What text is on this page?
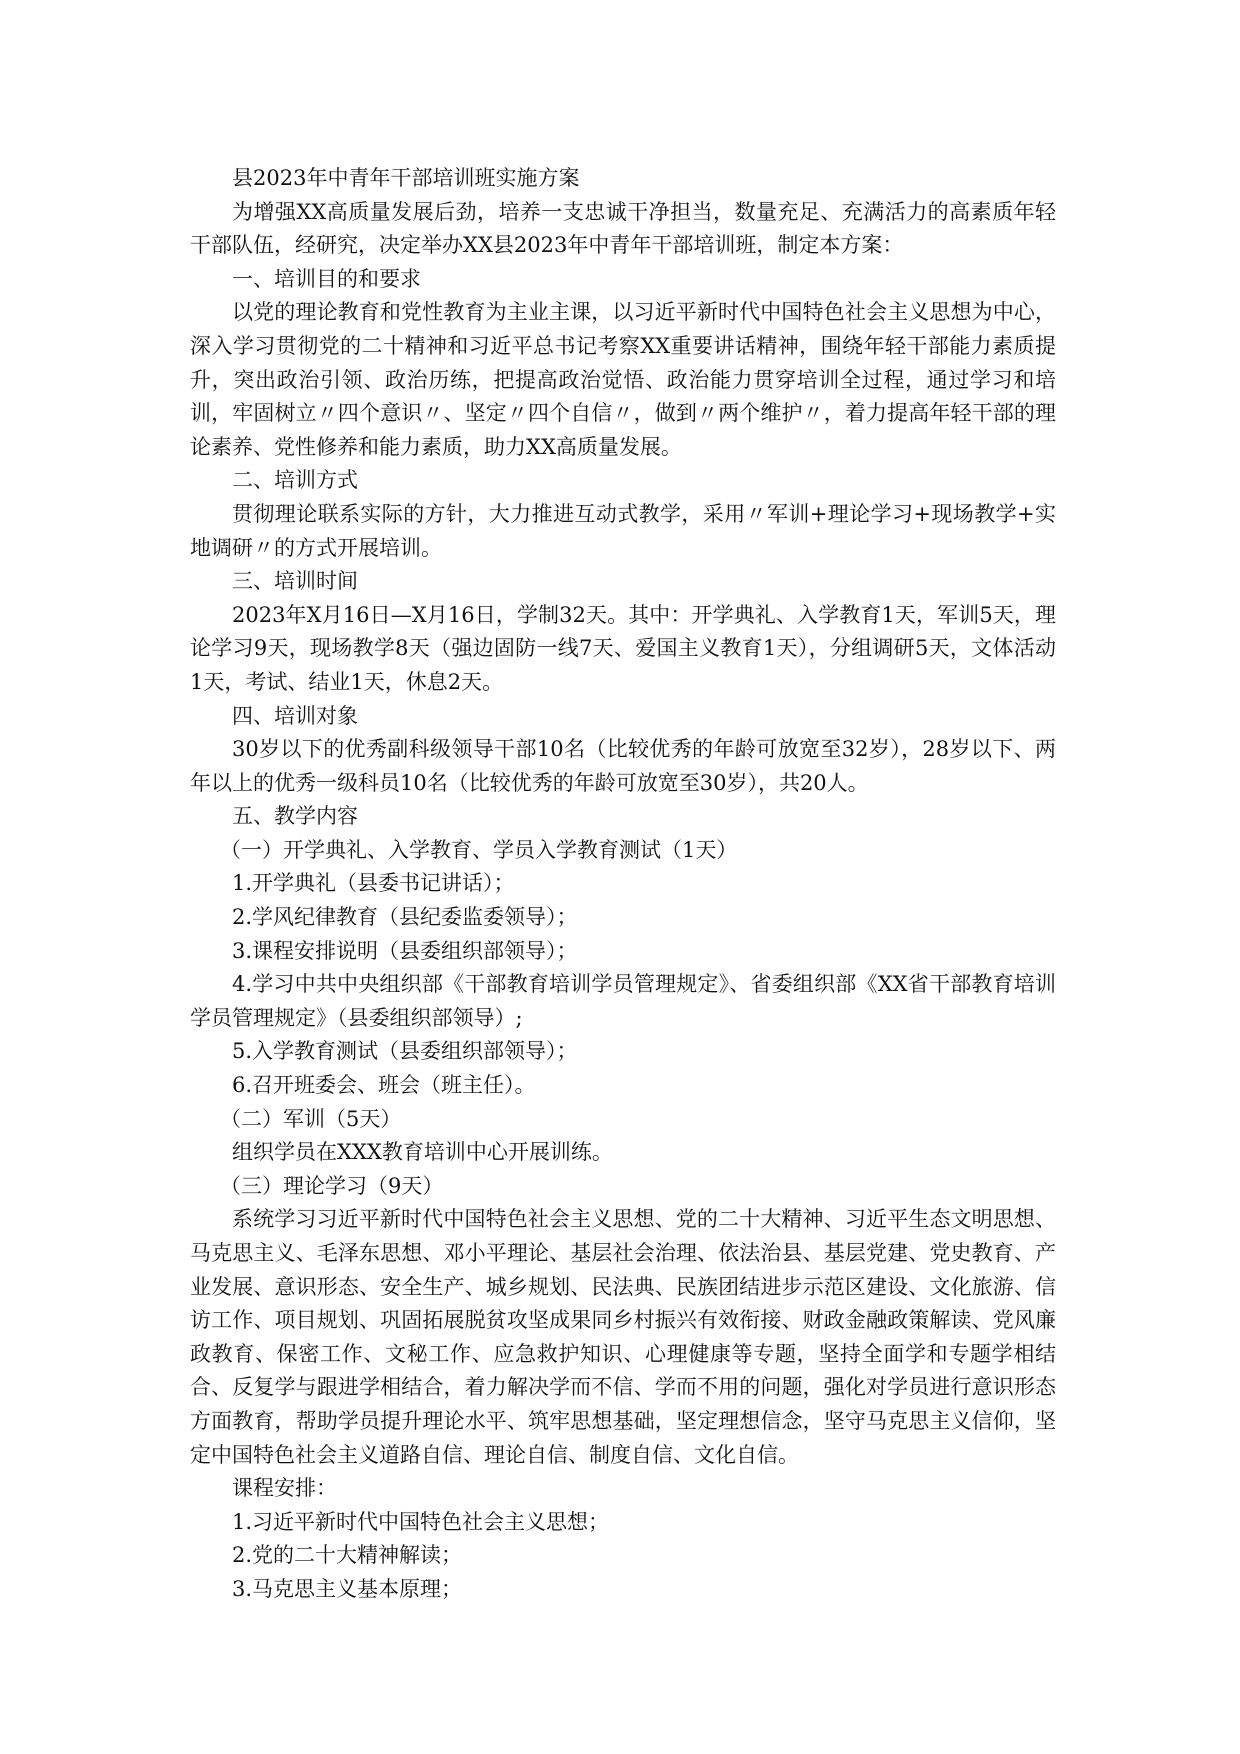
县2023年中青年干部培训班实施方案

为增强XX高质量发展后劲，培养一支忠诚干净担当，数量充足、充满活力的高素质年轻干部队伍，经研究，决定举办XX县2023年中青年干部培训班，制定本方案：

一、培训目的和要求

以党的理论教育和党性教育为主业主课，以习近平新时代中国特色社会主义思想为中心，深入学习贯彻党的二十精神和习近平总书记考察XX重要讲话精神，围绕年轻干部能力素质提升，突出政治引领、政治历练，把提高政治觉悟、政治能力贯穿培训全过程，通过学习和培训，牢固树立〃四个意识〃、坚定〃四个自信〃，做到〃两个维护〃，着力提高年轻干部的理论素养、党性修养和能力素质，助力XX高质量发展。

二、培训方式

贯彻理论联系实际的方针，大力推进互动式教学，采用〃军训+理论学习+现场教学+实地调研〃的方式开展培训。

三、培训时间

2023年X月16日—X月16日，学制32天。其中：开学典礼、入学教育1天，军训5天，理论学习9天，现场教学8天（强边固防一线7天、爱国主义教育1天），分组调研5天，文体活动1天，考试、结业1天，休息2天。

四、培训对象

30岁以下的优秀副科级领导干部10名（比较优秀的年龄可放宽至32岁），28岁以下、两年以上的优秀一级科员10名（比较优秀的年龄可放宽至30岁），共20人。

五、教学内容

（一）开学典礼、入学教育、学员入学教育测试（1天）

1.开学典礼（县委书记讲话）；

2.学风纪律教育（县纪委监委领导）；

3.课程安排说明（县委组织部领导）；

4.学习中共中央组织部《干部教育培训学员管理规定》、省委组织部《XX省干部教育培训学员管理规定》（县委组织部领导）;

5.入学教育测试（县委组织部领导）；

6.召开班委会、班会（班主任）。

（二）军训（5天）

组织学员在XXX教育培训中心开展训练。

（三）理论学习（9天）

系统学习习近平新时代中国特色社会主义思想、党的二十大精神、习近平生态文明思想、马克思主义、毛泽东思想、邓小平理论、基层社会治理、依法治县、基层党建、党史教育、产业发展、意识形态、安全生产、城乡规划、民法典、民族团结进步示范区建设、文化旅游、信访工作、项目规划、巩固拓展脱贫攻坚成果同乡村振兴有效衔接、财政金融政策解读、党风廉政教育、保密工作、文秘工作、应急救护知识、心理健康等专题，坚持全面学和专题学相结合、反复学与跟进学相结合，着力解决学而不信、学而不用的问题，强化对学员进行意识形态方面教育，帮助学员提升理论水平、筑牢思想基础，坚定理想信念，坚守马克思主义信仰，坚定中国特色社会主义道路自信、理论自信、制度自信、文化自信。

课程安排：

1.习近平新时代中国特色社会主义思想；

2.党的二十大精神解读；

3.马克思主义基本原理；
